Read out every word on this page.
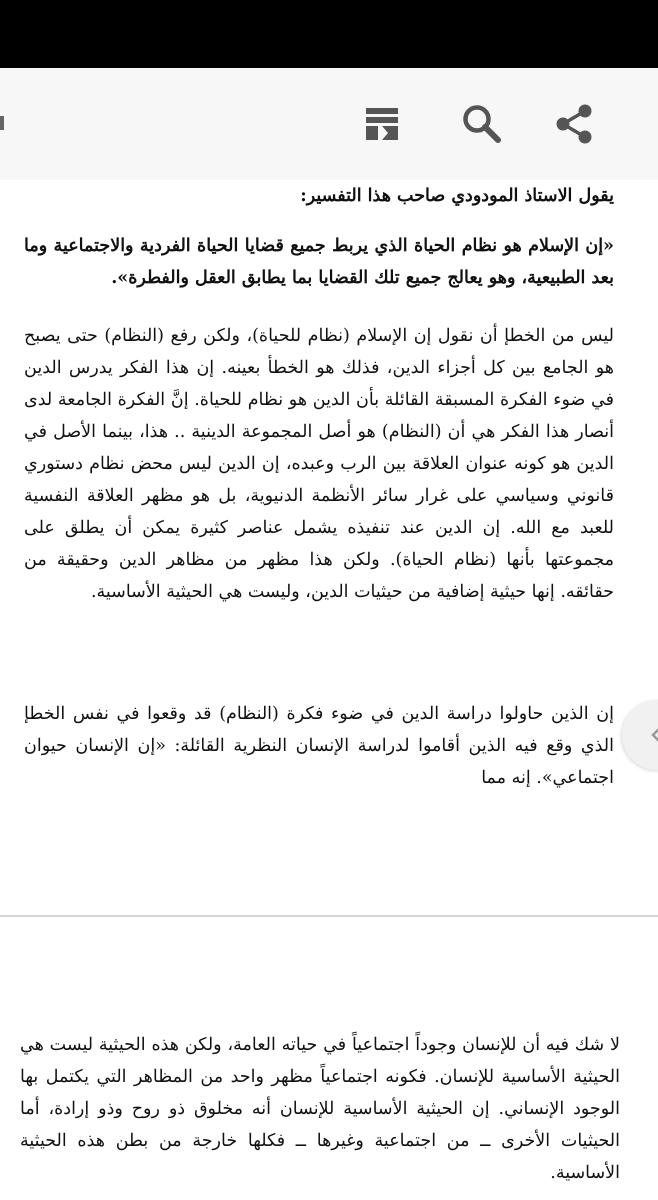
يقول الاستاذ المودودي صاحب هذا التفسير:

«إن الإسلام هو نظام الحياة الذي يربط جميع قضايا الحياة الفردية والاجتماعية وما بعد الطبيعية، وهو يعالج جميع تلك القضايا بما يطابق العقل والفطرة».

ليس من الخطإ أن نقول إن الإسلام (نظام للحياة)، ولكن رفع (النظام) حتى يصبح هو الجامع بين كل أجزاء الدين، فذلك هو الخطأ بعينه. إن هذا الفكر يدرس الدين في ضوء الفكرة المسبقة القائلة بأن الدين هو نظام للحياة. إنَّ الفكرة الجامعة لدى أنصار هذا الفكر هي أن (النظام) هو أصل المجموعة الدينية .. هذا، بينما الأصل في الدين هو كونه عنوان العلاقة بين الرب وعبده، إن الدين ليس محض نظام دستوري قانوني وسياسي على غرار سائر الأنظمة الدنيوية، بل هو مظهر العلاقة النفسية للعبد مع الله. إن الدين عند تنفيذه يشمل عناصر كثيرة يمكن أن يطلق على مجموعتها بأنها (نظام الحياة). ولكن هذا مظهر من مظاهر الدين وحقيقة من حقائقه. إنها حيثية إضافية من حيثيات الدين، وليست هي الحيثية الأساسية.

إن الذين حاولوا دراسة الدين في ضوء فكرة (النظام) قد وقعوا في نفس الخطإ الذي وقع فيه الذين أقاموا لدراسة الإنسان النظرية القائلة: «إن الإنسان حيوان اجتماعي». إنه مما

لا شك فيه أن للإنسان وجوداً اجتماعياً في حياته العامة، ولكن هذه الحيثية ليست هي الحيثية الأساسية للإنسان. فكونه اجتماعياً مظهر واحد من المظاهر التي يكتمل بها الوجود الإنساني. إن الحيثية الأساسية للإنسان أنه مخلوق ذو روح وذو إرادة، أما الحيثيات الأخرى ــ من اجتماعية وغيرها ــ فكلها خارجة من بطن هذه الحيثية الأساسية.
